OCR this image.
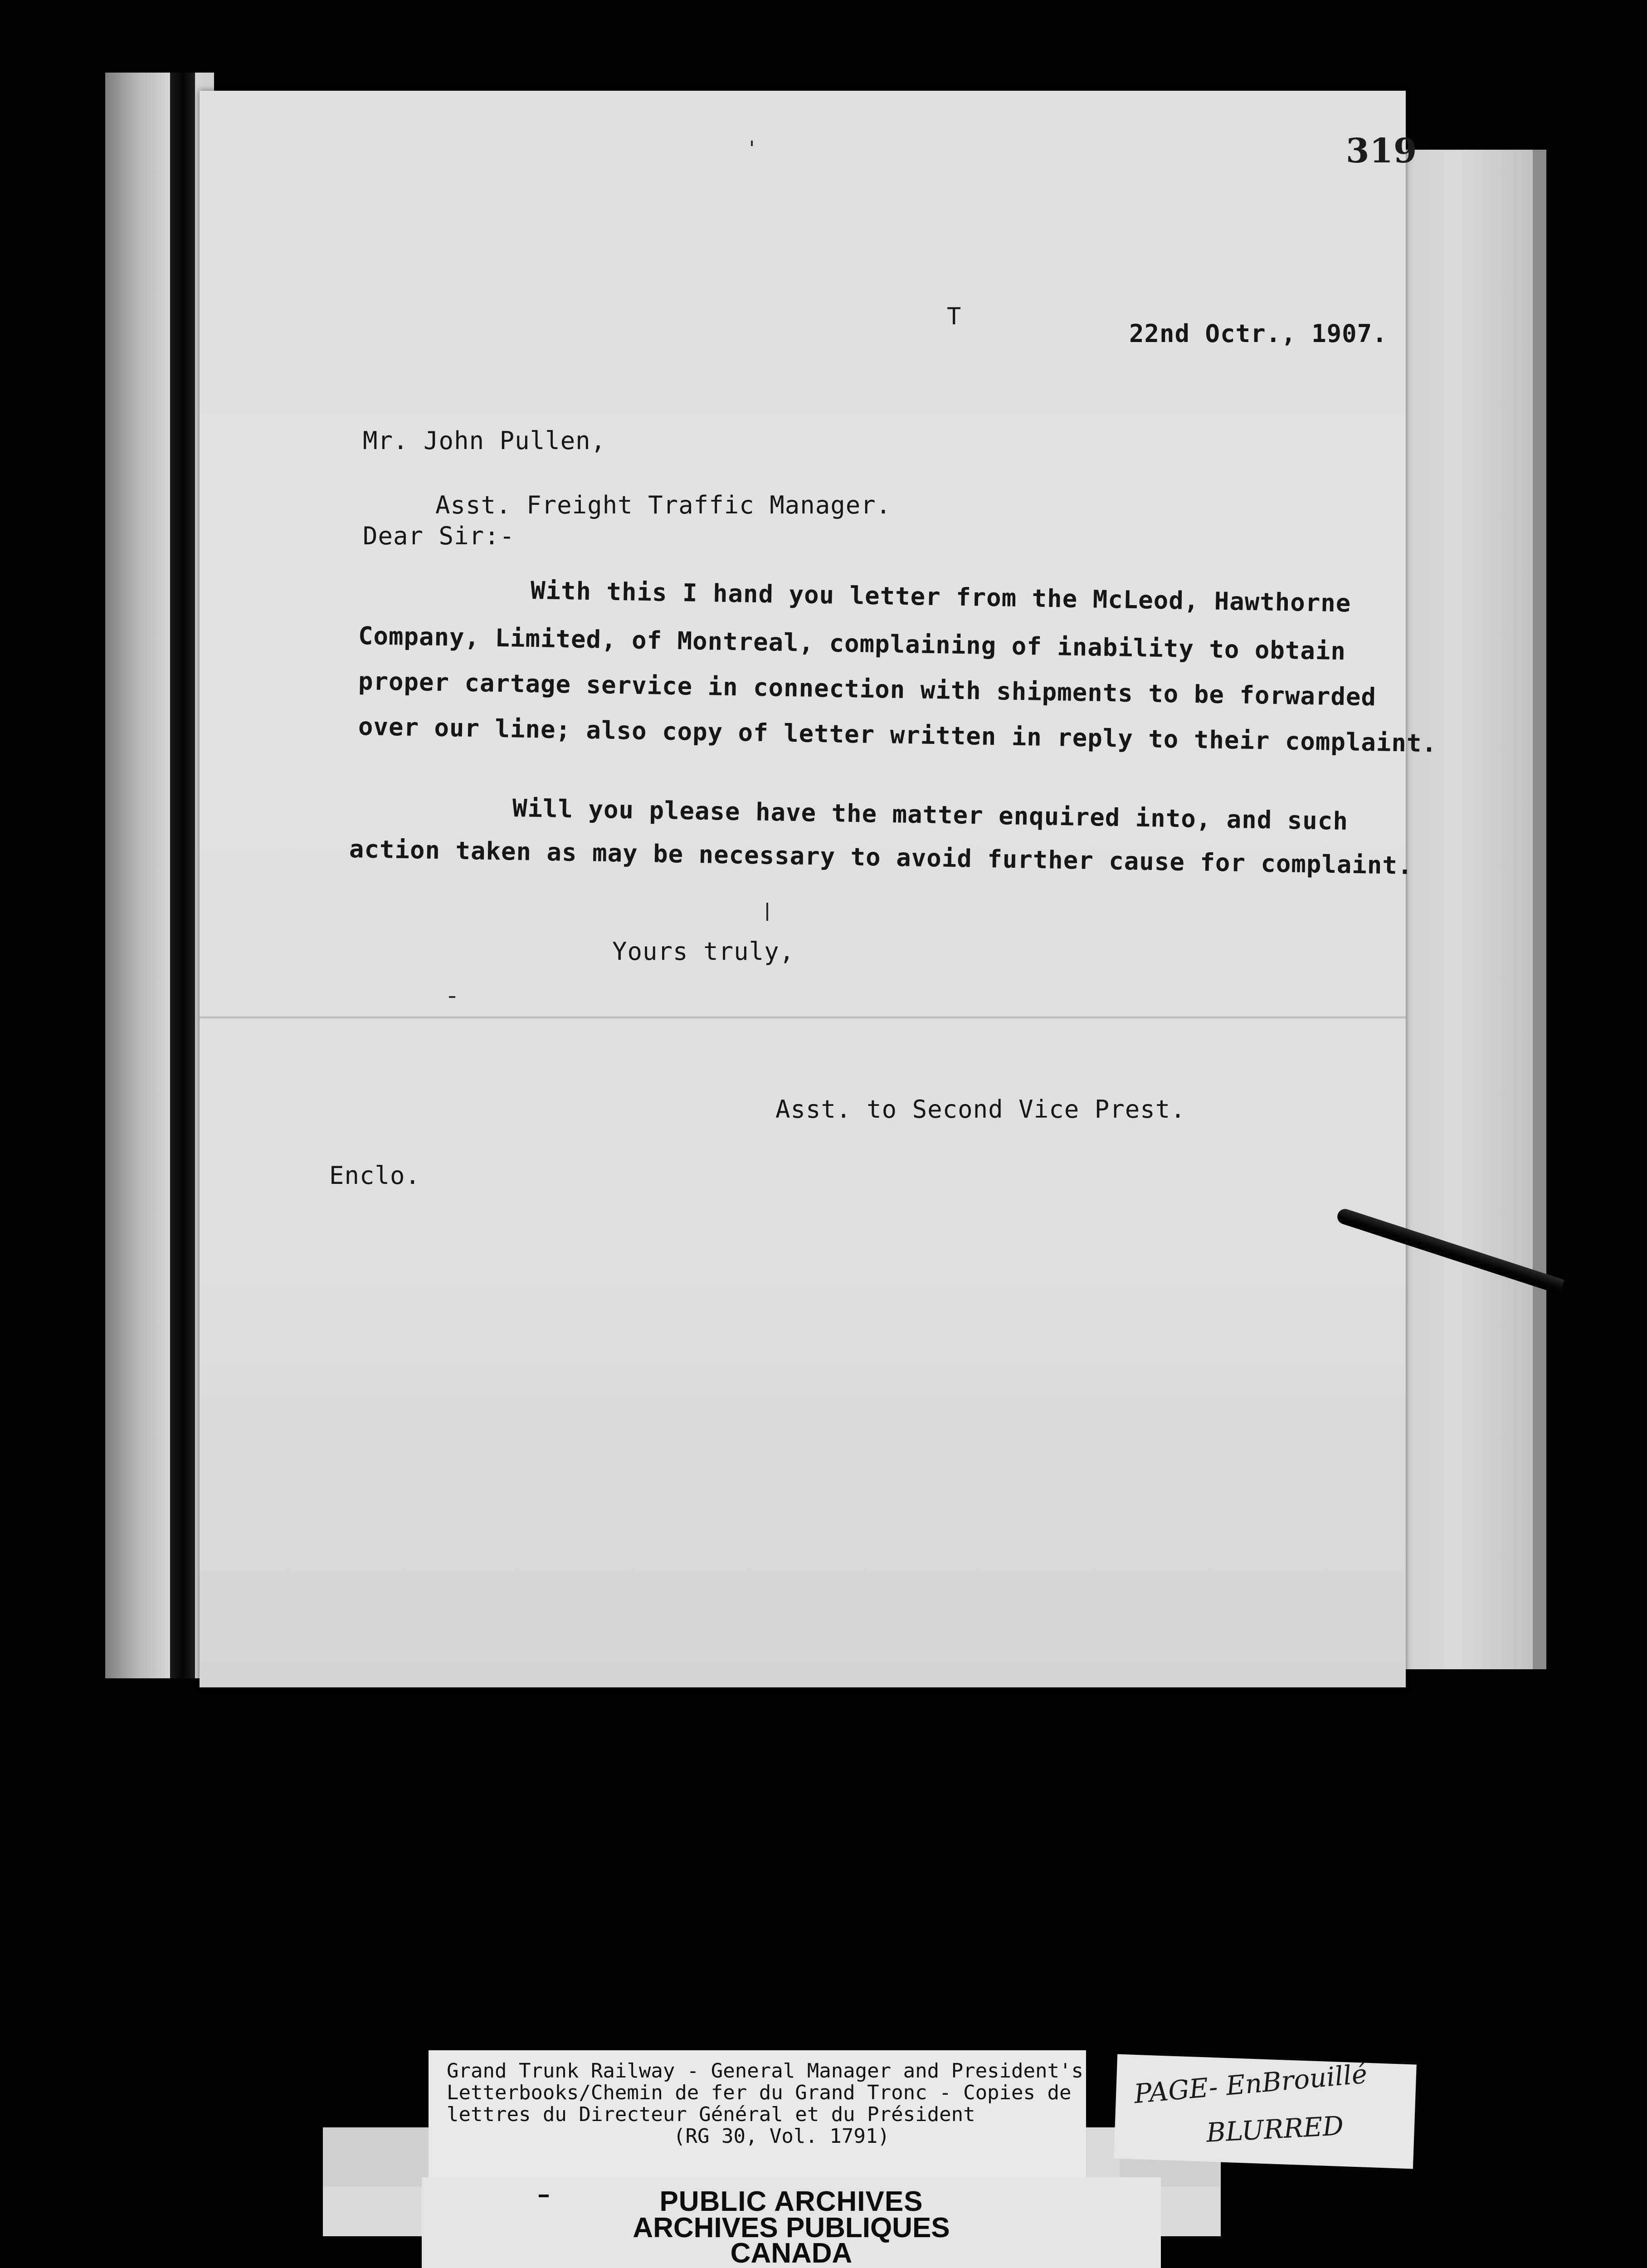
319
T
22nd Octr., 1907.
Mr. John Pullen,
Asst. Freight Traffic Manager.
Dear Sir:-
With this I hand you letter from the McLeod, Hawthorne
Company, Limited, of Montreal, complaining of inability to obtain
proper cartage service in connection with shipments to be forwarded
over our line; also copy of letter written in reply to their complaint.
Will you please have the matter enquired into, and such
action taken as may be necessary to avoid further cause for complaint.
Yours truly,
Asst. to Second Vice Prest.
Enclo.
Grand Trunk Railway - General Manager and President's
Letterbooks/Chemin de fer du Grand Tronc - Copies de
lettres du Directeur Général et du Président
(RG 30, Vol. 1791)
PAGE- EnBrouillé
BLURRED
PUBLIC ARCHIVES
ARCHIVES PUBLIQUES
CANADA
